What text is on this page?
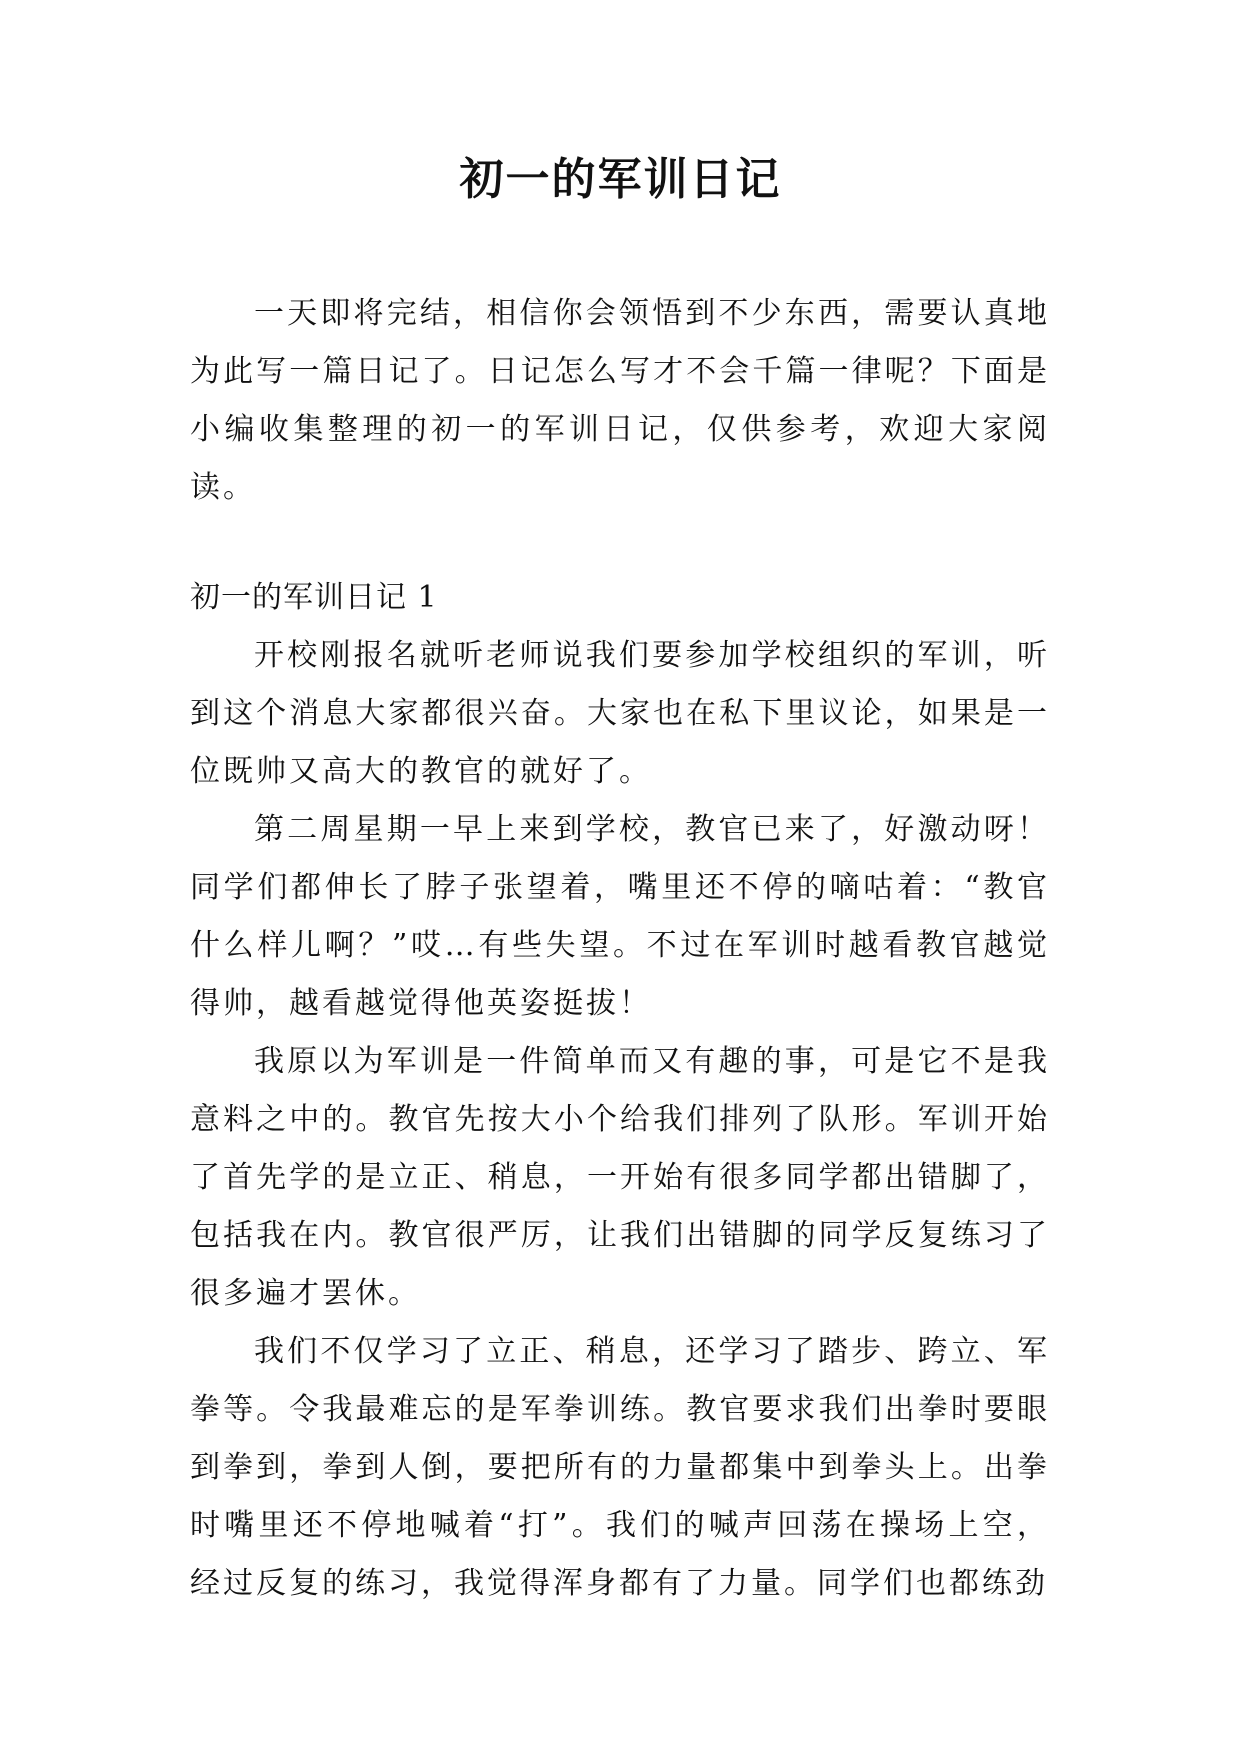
初一的军训日记

一天即将完结，相信你会领悟到不少东西，需要认真地为此写一篇日记了。日记怎么写才不会千篇一律呢？下面是小编收集整理的初一的军训日记，仅供参考，欢迎大家阅读。

初一的军训日记 1

开校刚报名就听老师说我们要参加学校组织的军训，听到这个消息大家都很兴奋。大家也在私下里议论，如果是一位既帅又高大的教官的就好了。

第二周星期一早上来到学校，教官已来了，好激动呀！同学们都伸长了脖子张望着，嘴里还不停的嘀咕着：“教官什么样儿啊？”哎…有些失望。不过在军训时越看教官越觉得帅，越看越觉得他英姿挺拔！

我原以为军训是一件简单而又有趣的事，可是它不是我意料之中的。教官先按大小个给我们排列了队形。军训开始了首先学的是立正、稍息，一开始有很多同学都出错脚了，包括我在内。教官很严厉，让我们出错脚的同学反复练习了很多遍才罢休。

我们不仅学习了立正、稍息，还学习了踏步、跨立、军拳等。令我最难忘的是军拳训练。教官要求我们出拳时要眼到拳到，拳到人倒，要把所有的力量都集中到拳头上。出拳时嘴里还不停地喊着“打”。我们的喊声回荡在操场上空，经过反复的练习，我觉得浑身都有了力量。同学们也都练劲
